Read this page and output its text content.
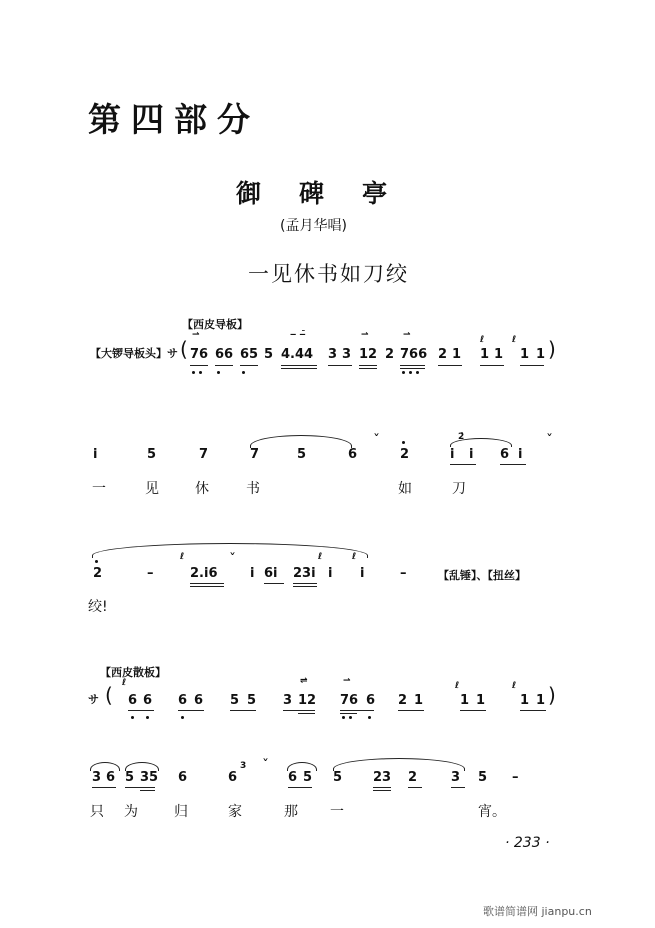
第四部分
御碑亭
(孟月华唱)
一见休书如刀绞
【西皮导板】
【大锣导板头】サ ( 76 66 65 5 4.44 3 3 12 2 766 2 1 1 1 1 1 )
⇀	‒ ‒̄	⇀	⇀	ℓ	ℓ
i	5	7	7	5	6
ˇ
2	i i 6 i
ˇ
2̇
一	见	休	书	如	刀
2	–	2.i6
ˇ
i 6i 23i i i	–	【乱锤】、【扭丝】
ℓ	ℓ	ℓ
绞!
【西皮散板】
サ ( 6 6 6 6 5 5 3 12 76 6 2 1	1 1	1 1 )
⇌	⇀
ℓ	ℓ	ℓ
3 6 5 35 6	6
ˇ
6 5 5 23 2	3 5 –
3
只 为	归	家	那 一	宵。
· 233 ·
歌谱简谱网 jianpu.cn
